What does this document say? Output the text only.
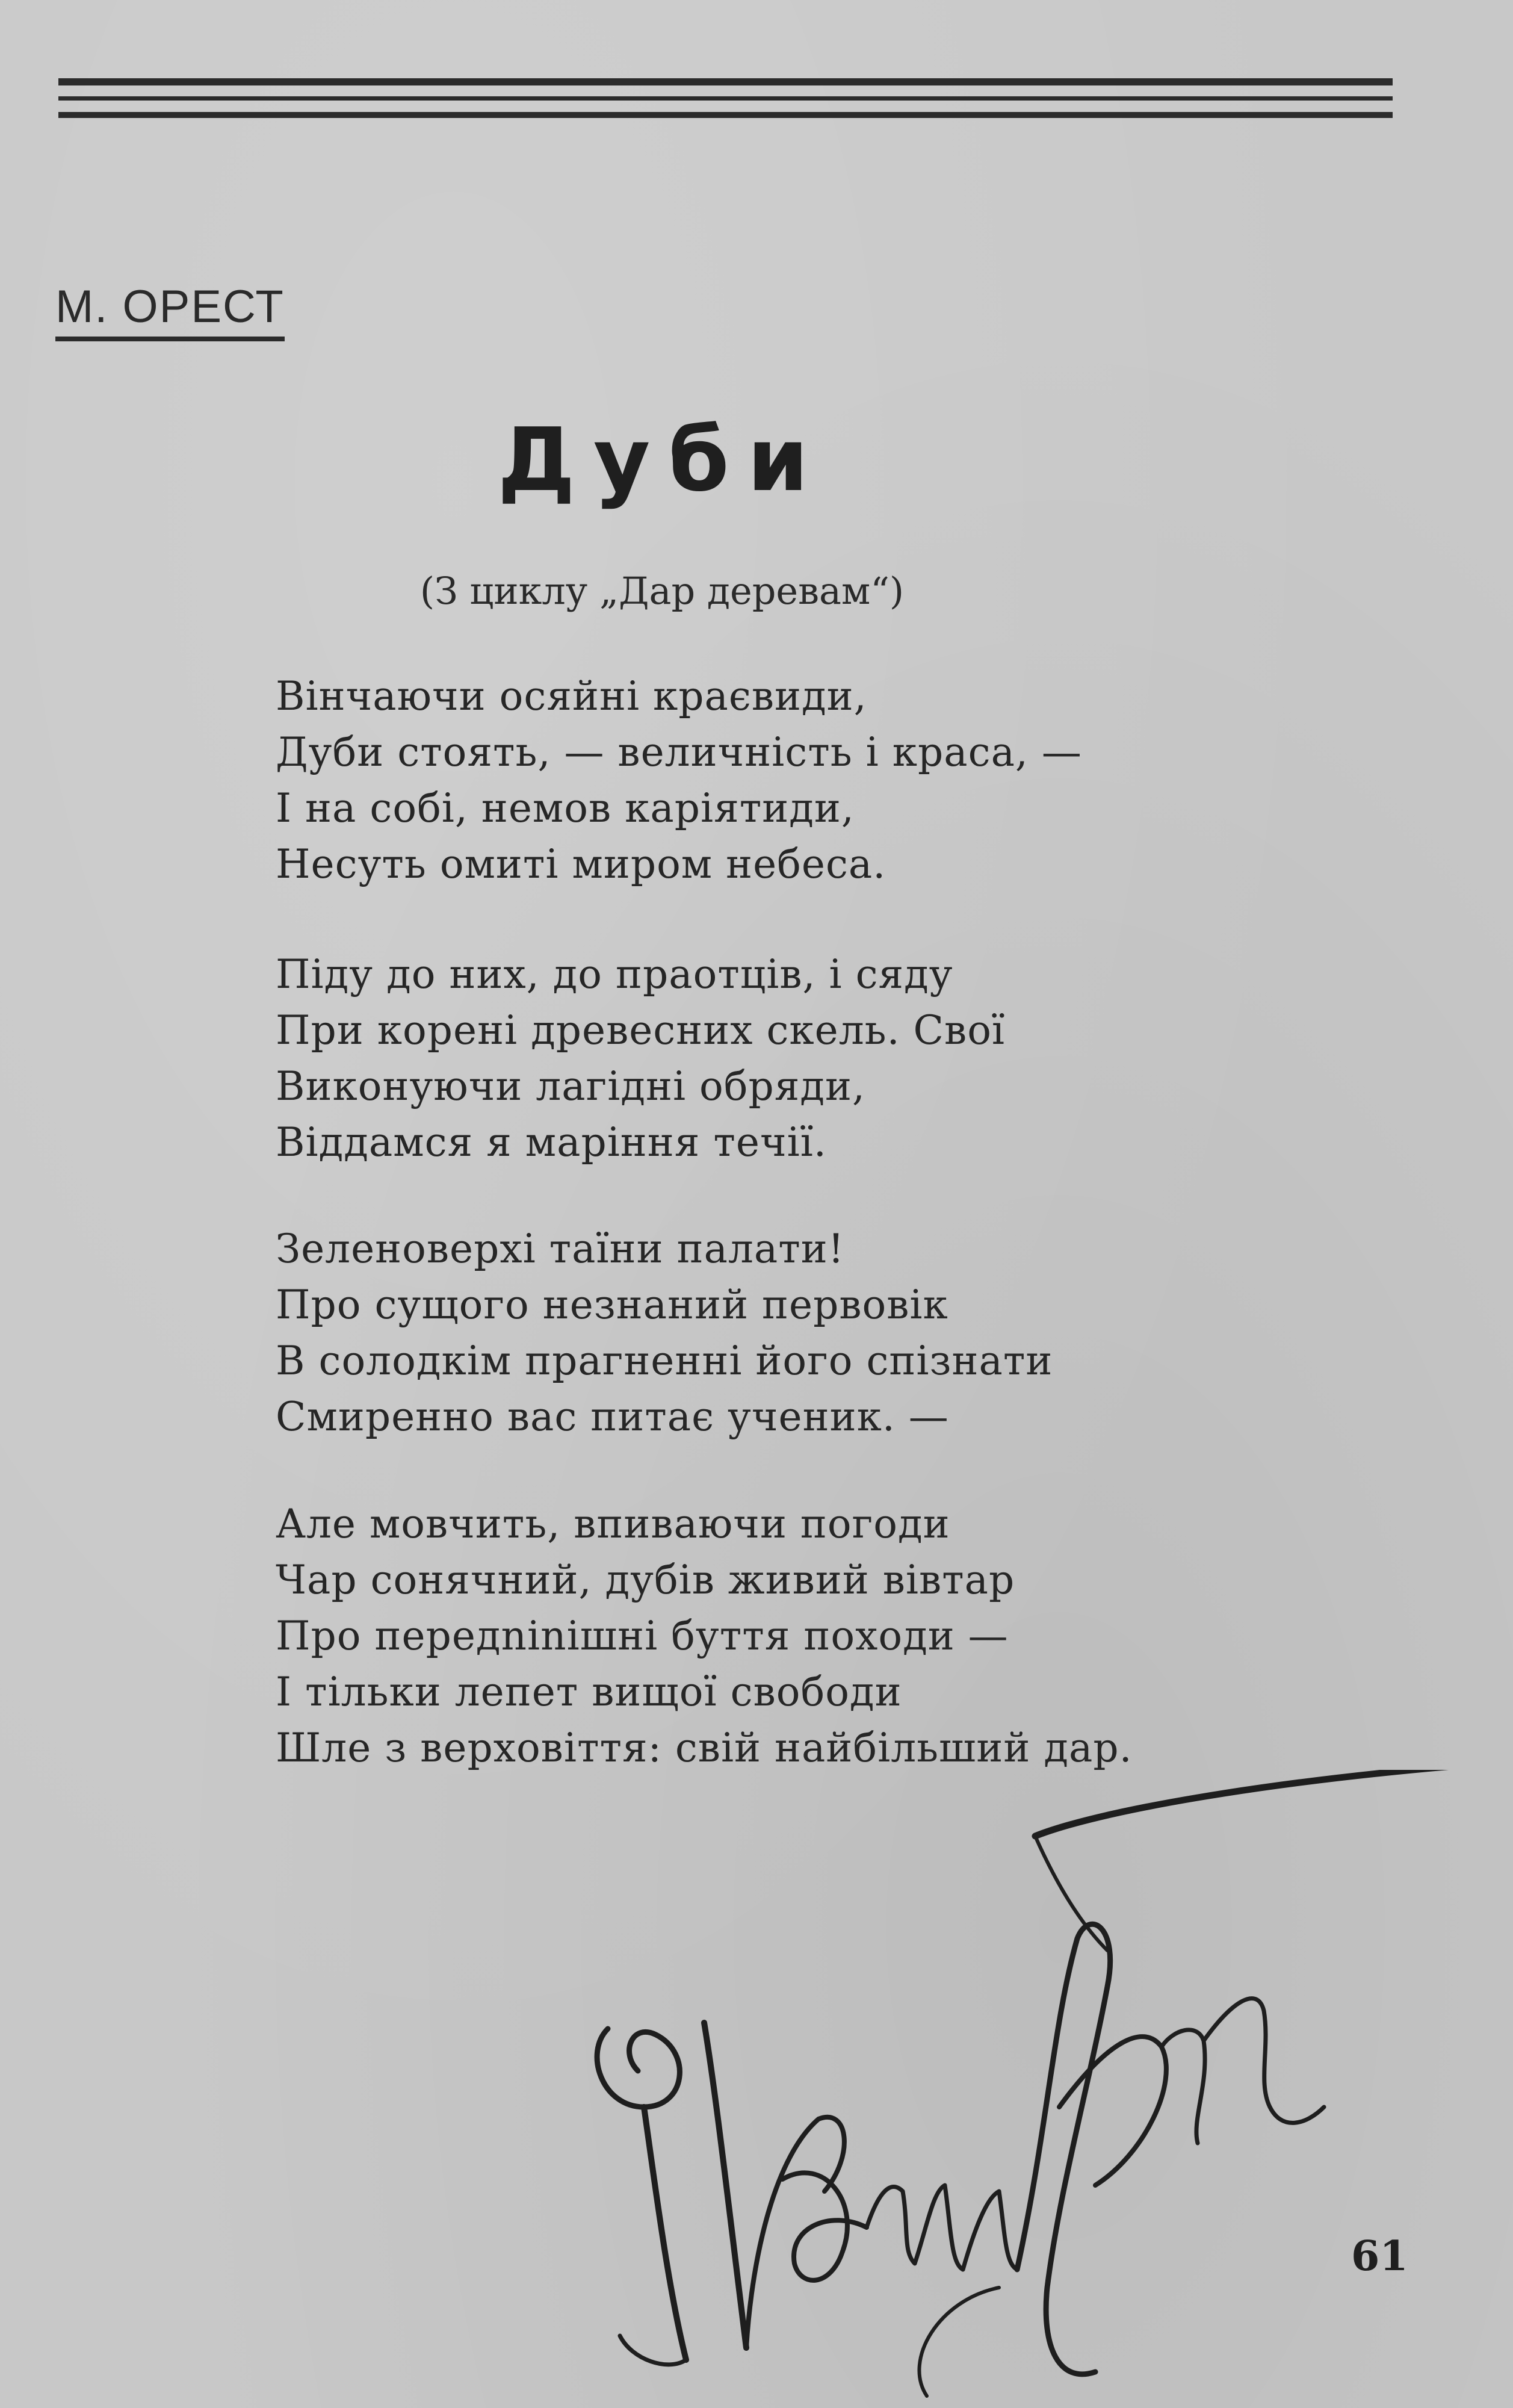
М. ОРЕСТ
Дуби
(З циклу „Дар деревам“)
Вінчаючи осяйні краєвиди,
Дуби стоять, — величність і краса, —
І на собі, немов каріятиди,
Несуть омиті миром небеса.
Піду до них, до праотців, і сяду
При корені древесних скель. Свої
Виконуючи лагідні обряди,
Віддамся я маріння течії.
Зеленоверхі таїни палати!
Про сущого незнаний первовік
В солодкім прагненні його спізнати
Смиренно вас питає ученик. —
Але мовчить, впиваючи погоди
Чар сонячний, дубів живий вівтар
Про передninішні буття походи —
І тільки лепет вищої свободи
Шле з верховіття: свій найбільший дар.
61
